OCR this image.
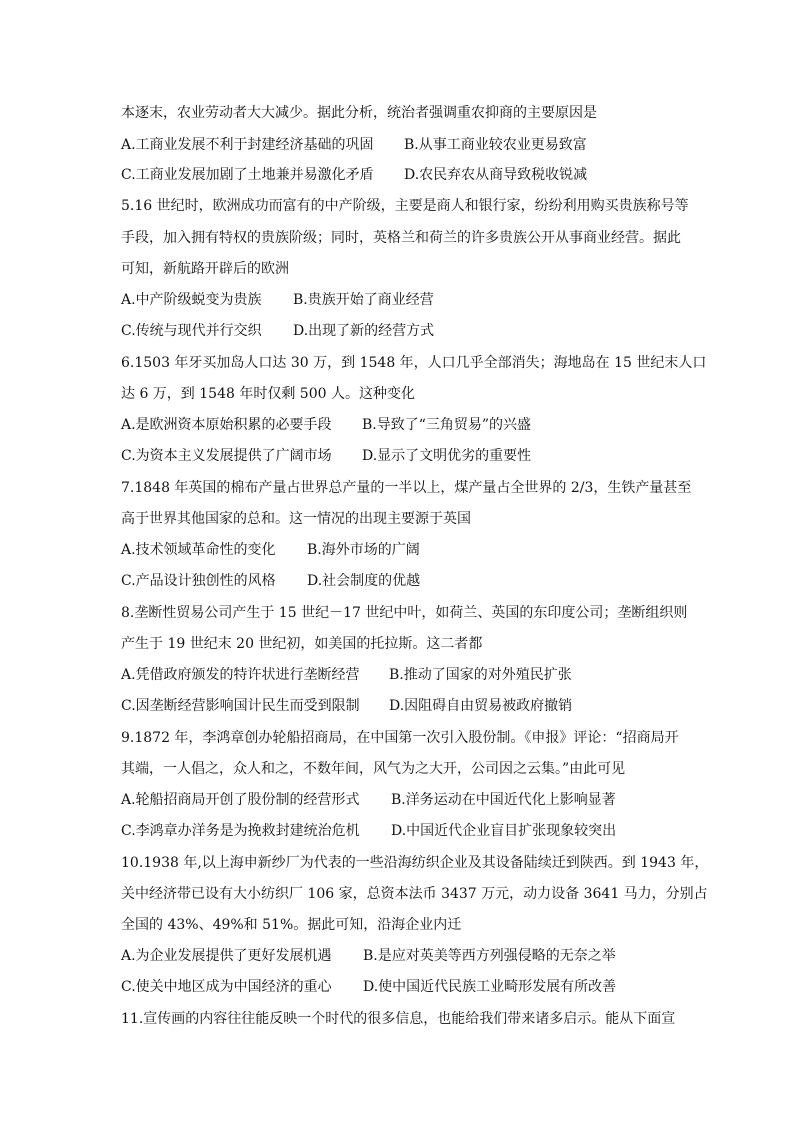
本逐末，农业劳动者大大减少。据此分析，统治者强调重农抑商的主要原因是
A.工商业发展不利于封建经济基础的巩固 B.从事工商业较农业更易致富
C.工商业发展加剧了土地兼并易激化矛盾 D.农民弃农从商导致税收锐减
5.16 世纪时，欧洲成功而富有的中产阶级，主要是商人和银行家，纷纷利用购买贵族称号等
手段，加入拥有特权的贵族阶级；同时，英格兰和荷兰的许多贵族公开从事商业经营。据此
可知，新航路开辟后的欧洲
A.中产阶级蜕变为贵族 B.贵族开始了商业经营
C.传统与现代并行交织 D.出现了新的经营方式
6.1503 年牙买加岛人口达 30 万，到 1548 年，人口几乎全部消失；海地岛在 15 世纪末人口
达 6 万，到 1548 年时仅剩 500 人。这种变化
A.是欧洲资本原始积累的必要手段 B.导致了“三角贸易”的兴盛
C.为资本主义发展提供了广阔市场 D.显示了文明优劣的重要性
7.1848 年英国的棉布产量占世界总产量的一半以上，煤产量占全世界的 2/3，生铁产量甚至
高于世界其他国家的总和。这一情况的出现主要源于英国
A.技术领域革命性的变化 B.海外市场的广阔
C.产品设计独创性的风格 D.社会制度的优越
8.垄断性贸易公司产生于 15 世纪－17 世纪中叶，如荷兰、英国的东印度公司；垄断组织则
产生于 19 世纪末 20 世纪初，如美国的托拉斯。这二者都
A.凭借政府颁发的特许状进行垄断经营 B.推动了国家的对外殖民扩张
C.因垄断经营影响国计民生而受到限制 D.因阻碍自由贸易被政府撤销
9.1872 年，李鸿章创办轮船招商局，在中国第一次引入股份制。《申报》评论：“招商局开
其端，一人倡之，众人和之，不数年间，风气为之大开，公司因之云集。”由此可见
A.轮船招商局开创了股份制的经营形式 B.洋务运动在中国近代化上影响显著
C.李鸿章办洋务是为挽救封建统治危机 D.中国近代企业盲目扩张现象较突出
10.1938 年,以上海申新纱厂为代表的一些沿海纺织企业及其设备陆续迁到陕西。到 1943 年，
关中经济带已设有大小纺织厂 106 家，总资本法币 3437 万元，动力设备 3641 马力，分别占
全国的 43%、49%和 51%。据此可知，沿海企业内迁
A.为企业发展提供了更好发展机遇 B.是应对英美等西方列强侵略的无奈之举
C.使关中地区成为中国经济的重心 D.使中国近代民族工业畸形发展有所改善
11.宣传画的内容往往能反映一个时代的很多信息，也能给我们带来诸多启示。能从下面宣
